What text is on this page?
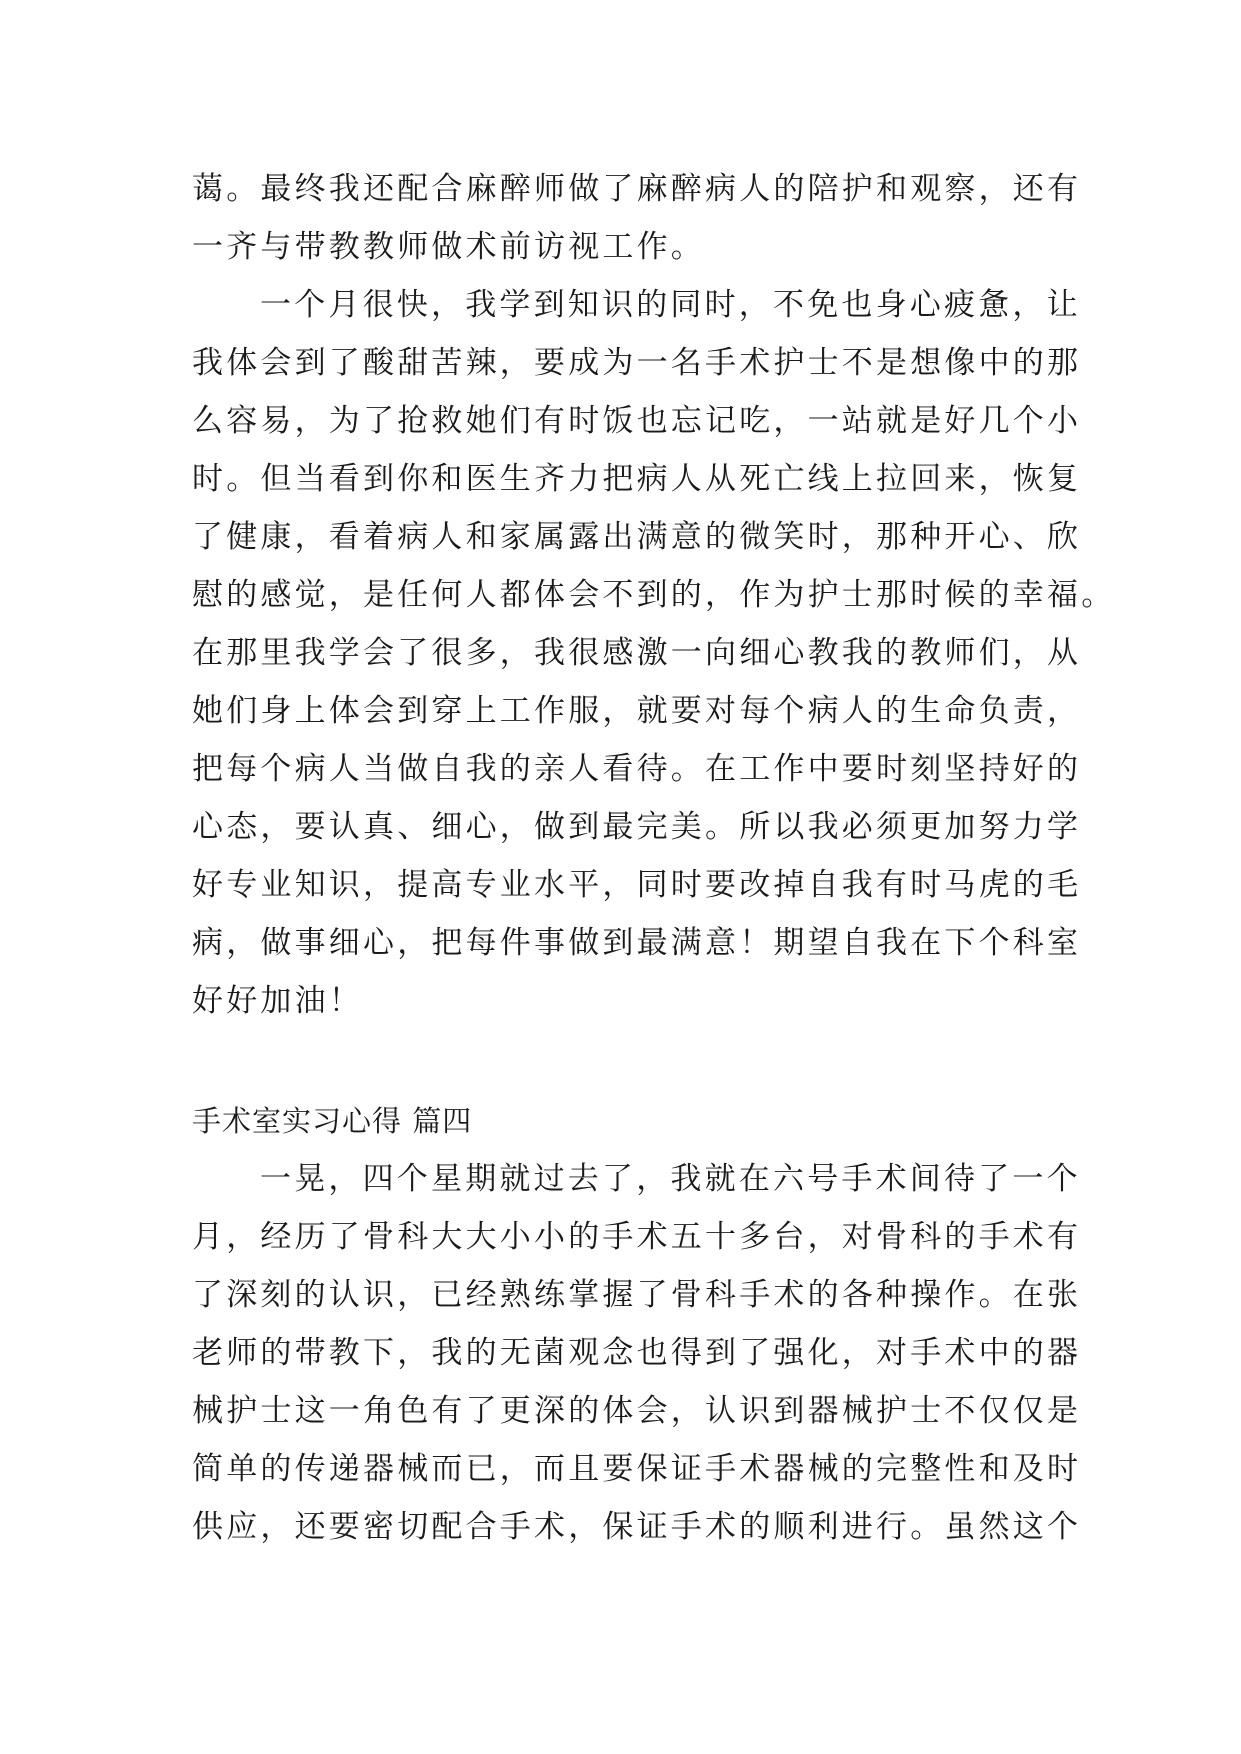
蔼。最终我还配合麻醉师做了麻醉病人的陪护和观察，还有
一齐与带教教师做术前访视工作。
一个月很快，我学到知识的同时，不免也身心疲惫，让
我体会到了酸甜苦辣，要成为一名手术护士不是想像中的那
么容易，为了抢救她们有时饭也忘记吃，一站就是好几个小
时。但当看到你和医生齐力把病人从死亡线上拉回来，恢复
了健康，看着病人和家属露出满意的微笑时，那种开心、欣
慰的感觉，是任何人都体会不到的，作为护士那时候的幸福。
在那里我学会了很多，我很感激一向细心教我的教师们，从
她们身上体会到穿上工作服，就要对每个病人的生命负责，
把每个病人当做自我的亲人看待。在工作中要时刻坚持好的
心态，要认真、细心，做到最完美。所以我必须更加努力学
好专业知识，提高专业水平，同时要改掉自我有时马虎的毛
病，做事细心，把每件事做到最满意！期望自我在下个科室
好好加油！
手术室实习心得 篇四
一晃，四个星期就过去了，我就在六号手术间待了一个
月，经历了骨科大大小小的手术五十多台，对骨科的手术有
了深刻的认识，已经熟练掌握了骨科手术的各种操作。在张
老师的带教下，我的无菌观念也得到了强化，对手术中的器
械护士这一角色有了更深的体会，认识到器械护士不仅仅是
简单的传递器械而已，而且要保证手术器械的完整性和及时
供应，还要密切配合手术，保证手术的顺利进行。虽然这个
